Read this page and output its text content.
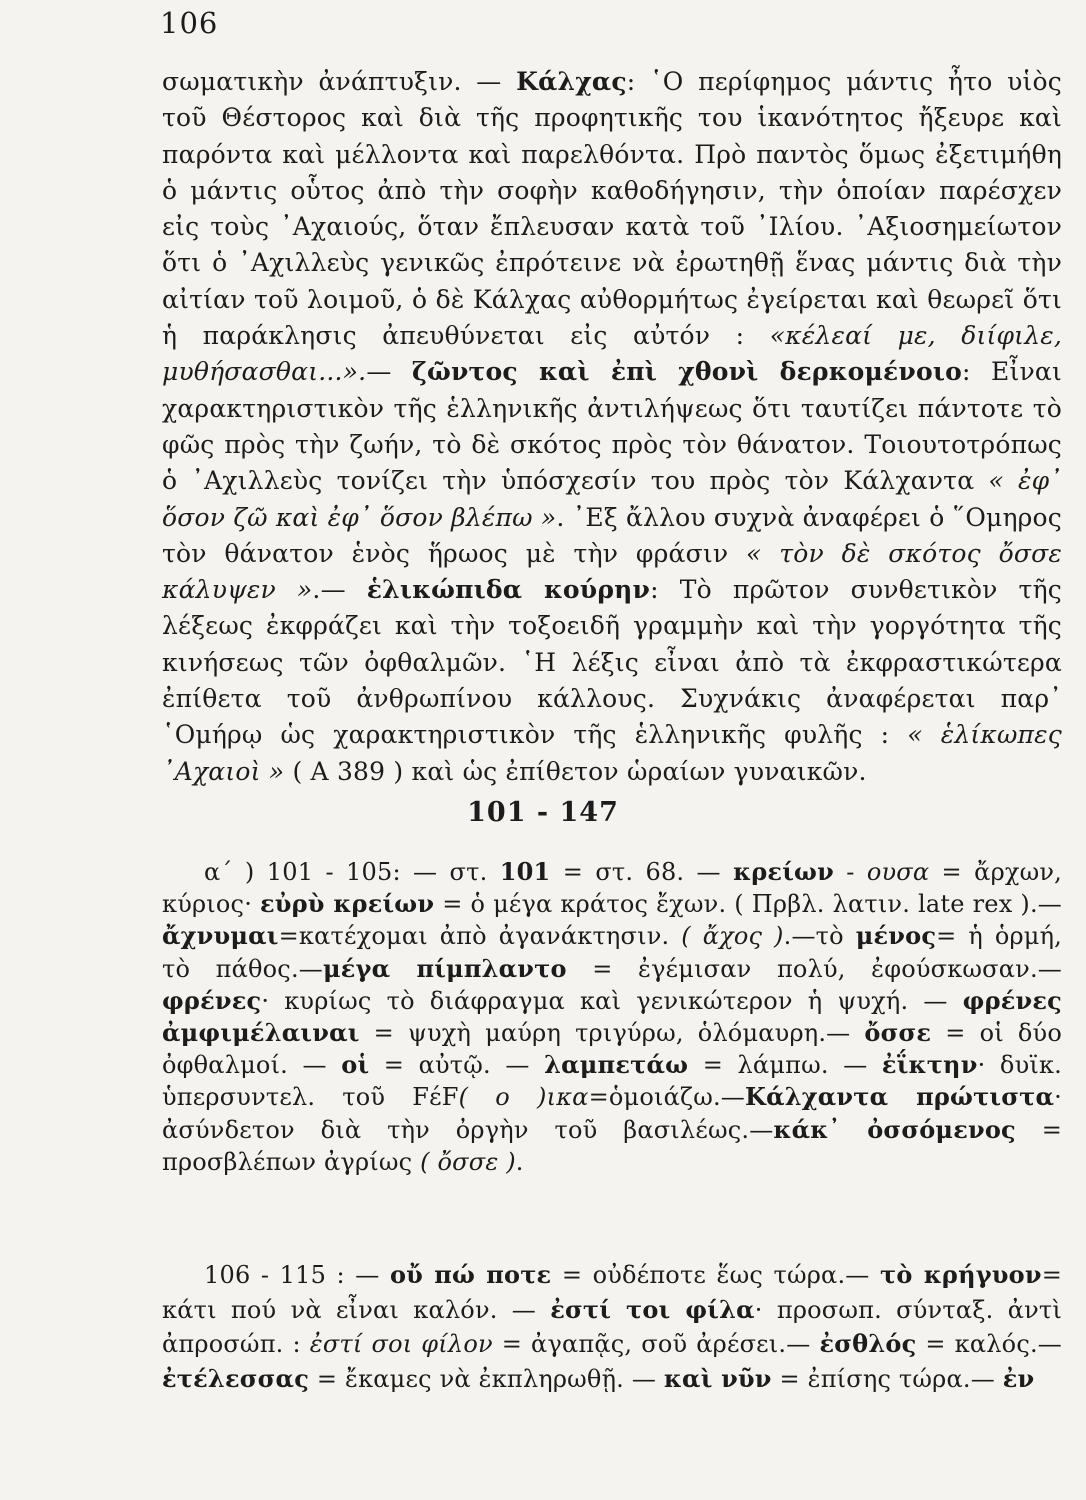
106

σωματικὴν ἀνάπτυξιν. — Κάλχας: ῾Ο περίφημος μάντις ἦτο υἱὸς τοῦ Θέστορος καὶ διὰ τῆς προφητικῆς του ἱκανότητος ἤξευρε καὶ παρόντα καὶ μέλλοντα καὶ παρελθόντα. Πρὸ παντὸς ὅμως ἐξετιμήθη ὁ μάντις οὗτος ἀπὸ τὴν σοφὴν καθοδήγησιν, τὴν ὁποίαν παρέσχεν εἰς τοὺς ᾿Αχαιούς, ὅταν ἔπλευσαν κατὰ τοῦ ᾿Ιλίου. ᾿Αξιοσημείωτον ὅτι ὁ ᾿Αχιλλεὺς γενικῶς ἐπρότεινε νὰ ἐρωτηθῇ ἕνας μάντις διὰ τὴν αἰτίαν τοῦ λοιμοῦ, ὁ δὲ Κάλχας αὐθορμήτως ἐγείρεται καὶ θεωρεῖ ὅτι ἡ παράκλησις ἀπευθύνεται εἰς αὐτόν : «κέλεαί με, διίφιλε, μυθήσασθαι...».— ζῶντος καὶ ἐπὶ χθονὶ δερκομένοιο: Εἶναι χαρακτηριστικὸν τῆς ἑλληνικῆς ἀντιλήψεως ὅτι ταυτίζει πάντοτε τὸ φῶς πρὸς τὴν ζωήν, τὸ δὲ σκότος πρὸς τὸν θάνατον. Τοιουτοτρόπως ὁ ᾿Αχιλλεὺς τονίζει τὴν ὑπόσχεσίν του πρὸς τὸν Κάλχαντα « ἐφ᾿ ὅσον ζῶ καὶ ἐφ᾿ ὅσον βλέπω ». ᾿Εξ ἄλλου συχνὰ ἀναφέρει ὁ ῞Ομηρος τὸν θάνατον ἑνὸς ἥρωος μὲ τὴν φράσιν « τὸν δὲ σκότος ὄσσε κάλυψεν ».— ἑλικώπιδα κούρην: Τὸ πρῶτον συνθετικὸν τῆς λέξεως ἐκφράζει καὶ τὴν τοξοειδῆ γραμμὴν καὶ τὴν γοργότητα τῆς κινήσεως τῶν ὀφθαλμῶν. ῾Η λέξις εἶναι ἀπὸ τὰ ἐκφραστικώτερα ἐπίθετα τοῦ ἀνθρωπίνου κάλλους. Συχνάκις ἀναφέρεται παρ᾿ ῾Ομήρῳ ὡς χαρακτηριστικὸν τῆς ἑλληνικῆς φυλῆς : « ἑλίκωπες ᾿Αχαιοὶ » ( Α 389 ) καὶ ὡς ἐπίθετον ὡραίων γυναικῶν.

101 - 147

α΄ ) 101 - 105: — στ. 101 = στ. 68. — κρείων - ουσα = ἄρχων, κύριος· εὐρὺ κρείων = ὁ μέγα κράτος ἔχων. ( Πρβλ. λατιν. late rex ).— ἄχνυμαι=κατέχομαι ἀπὸ ἀγανάκτησιν. ( ἄχος ).—τὸ μένος= ἡ ὁρμή, τὸ πάθος.—μέγα πίμπλαντο = ἐγέμισαν πολύ, ἐφούσκωσαν.— φρένες· κυρίως τὸ διάφραγμα καὶ γενικώτερον ἡ ψυχή. — φρένες ἀμφιμέλαιναι = ψυχὴ μαύρη τριγύρω, ὁλόμαυρη.— ὄσσε = οἱ δύο ὀφθαλμοί. — οἱ = αὐτῷ. — λαμπετάω = λάμπω. — ἐΐκτην· δυϊκ. ὑπερσυντελ. τοῦ FέF( ο )ικα=ὁμοιάζω.—Κάλχαντα πρώτιστα· ἀσύνδετον διὰ τὴν ὀργὴν τοῦ βασιλέως.—κάκ᾿ ὀσσόμενος = προσβλέπων ἀγρίως ( ὄσσε ).

106 - 115 : — οὔ πώ ποτε = οὐδέποτε ἕως τώρα.— τὸ κρήγυον= κάτι πού νὰ εἶναι καλόν. — ἐστί τοι φίλα· προσωπ. σύνταξ. ἀντὶ ἀπροσώπ. : ἐστί σοι φίλον = ἀγαπᾷς, σοῦ ἀρέσει.— ἐσθλός = καλός.— ἐτέλεσσας = ἔκαμες νὰ ἐκπληρωθῇ. — καὶ νῦν = ἐπίσης τώρα.— ἐν
